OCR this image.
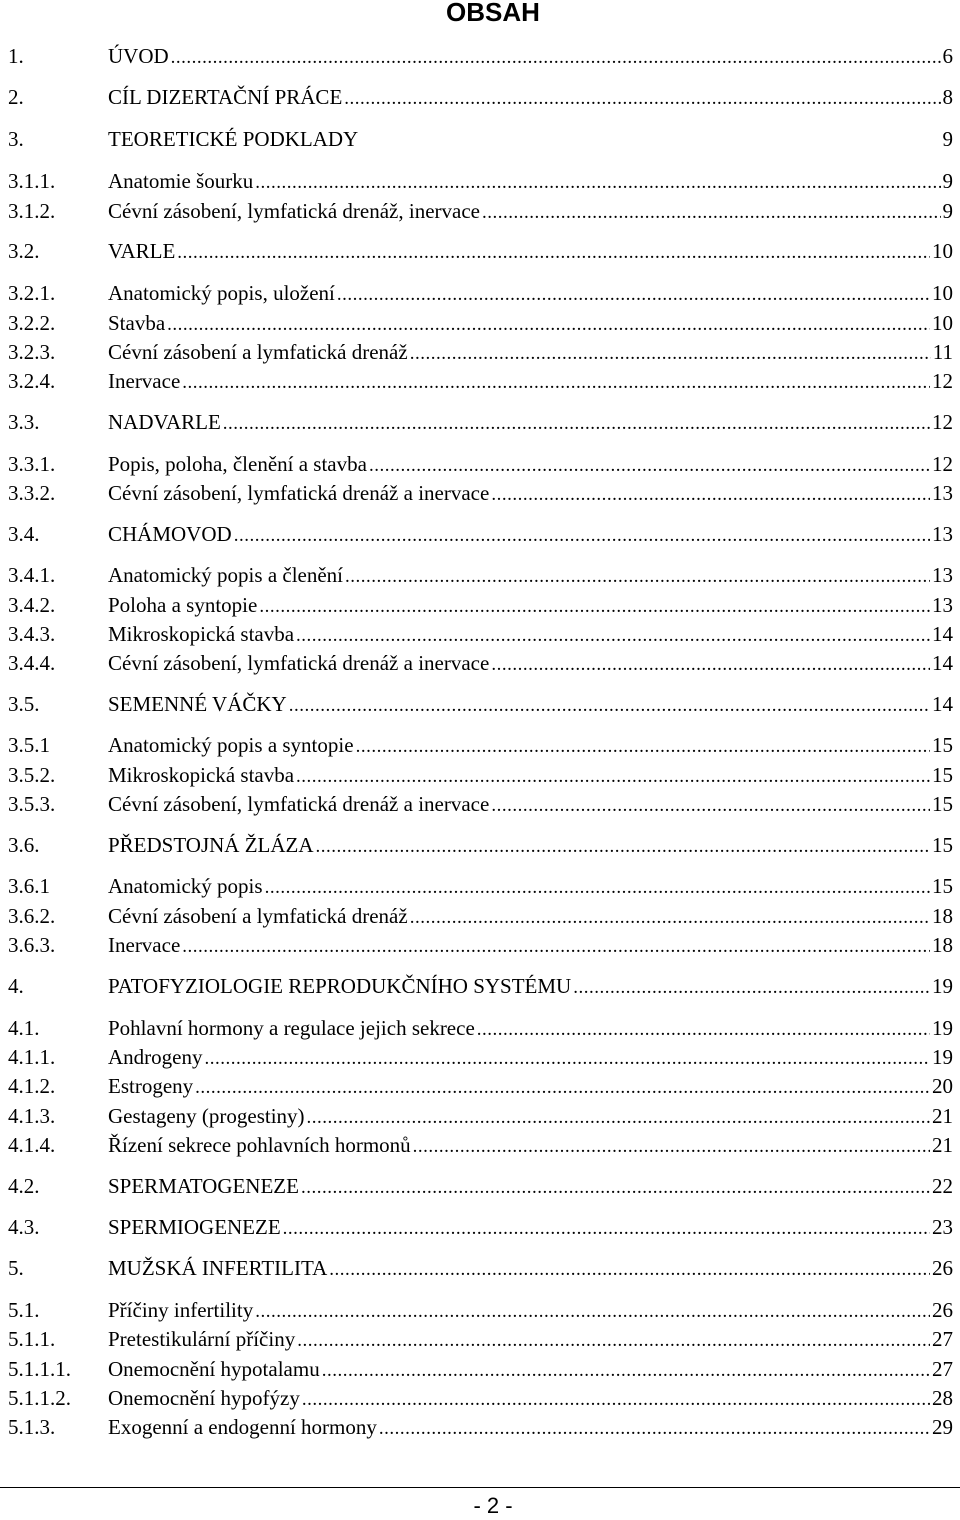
OBSAH
1.	ÚVOD .....	6
2.	CÍL DIZERTAČNÍ PRÁCE .....	8
3.	TEORETICKÉ PODKLADY	9
3.1.1.	Anatomie šourku .....	9
3.1.2.	Cévní zásobení, lymfatická drenáž, inervace .....	9
3.2.	VARLE .....	10
3.2.1.	Anatomický popis, uložení .....	10
3.2.2.	Stavba .....	10
3.2.3.	Cévní zásobení a lymfatická drenáž .....	11
3.2.4.	Inervace .....	12
3.3.	NADVARLE .....	12
3.3.1.	Popis, poloha, členění a stavba .....	12
3.3.2.	Cévní zásobení, lymfatická drenáž a inervace .....	13
3.4.	CHÁMOVOD .....	13
3.4.1.	Anatomický popis a členění .....	13
3.4.2.	Poloha a syntopie .....	13
3.4.3.	Mikroskopická stavba .....	14
3.4.4.	Cévní zásobení, lymfatická drenáž a inervace .....	14
3.5.	SEMENNÉ VÁČKY .....	14
3.5.1	Anatomický popis a syntopie .....	15
3.5.2.	Mikroskopická stavba .....	15
3.5.3.	Cévní zásobení, lymfatická drenáž a inervace .....	15
3.6.	PŘEDSTOJNÁ ŽLÁZA .....	15
3.6.1	Anatomický popis .....	15
3.6.2.	Cévní zásobení a lymfatická drenáž .....	18
3.6.3.	Inervace .....	18
4.	PATOFYZIOLOGIE REPRODUKČNÍHO SYSTÉMU .....	19
4.1.	Pohlavní hormony a regulace jejich sekrece .....	19
4.1.1.	Androgeny .....	19
4.1.2.	Estrogeny .....	20
4.1.3.	Gestageny (progestiny) .....	21
4.1.4.	Řízení sekrece pohlavních hormonů .....	21
4.2.	SPERMATOGENEZE .....	22
4.3.	SPERMIOGENEZE .....	23
5.	MUŽSKÁ INFERTILITA .....	26
5.1.	Příčiny infertility .....	26
5.1.1.	Pretestikulární příčiny .....	27
5.1.1.1. Onemocnění hypotalamu .....	27
5.1.1.2. Onemocnění hypofýzy .....	28
5.1.3.	Exogenní a endogenní hormony .....	29
- 2 -
